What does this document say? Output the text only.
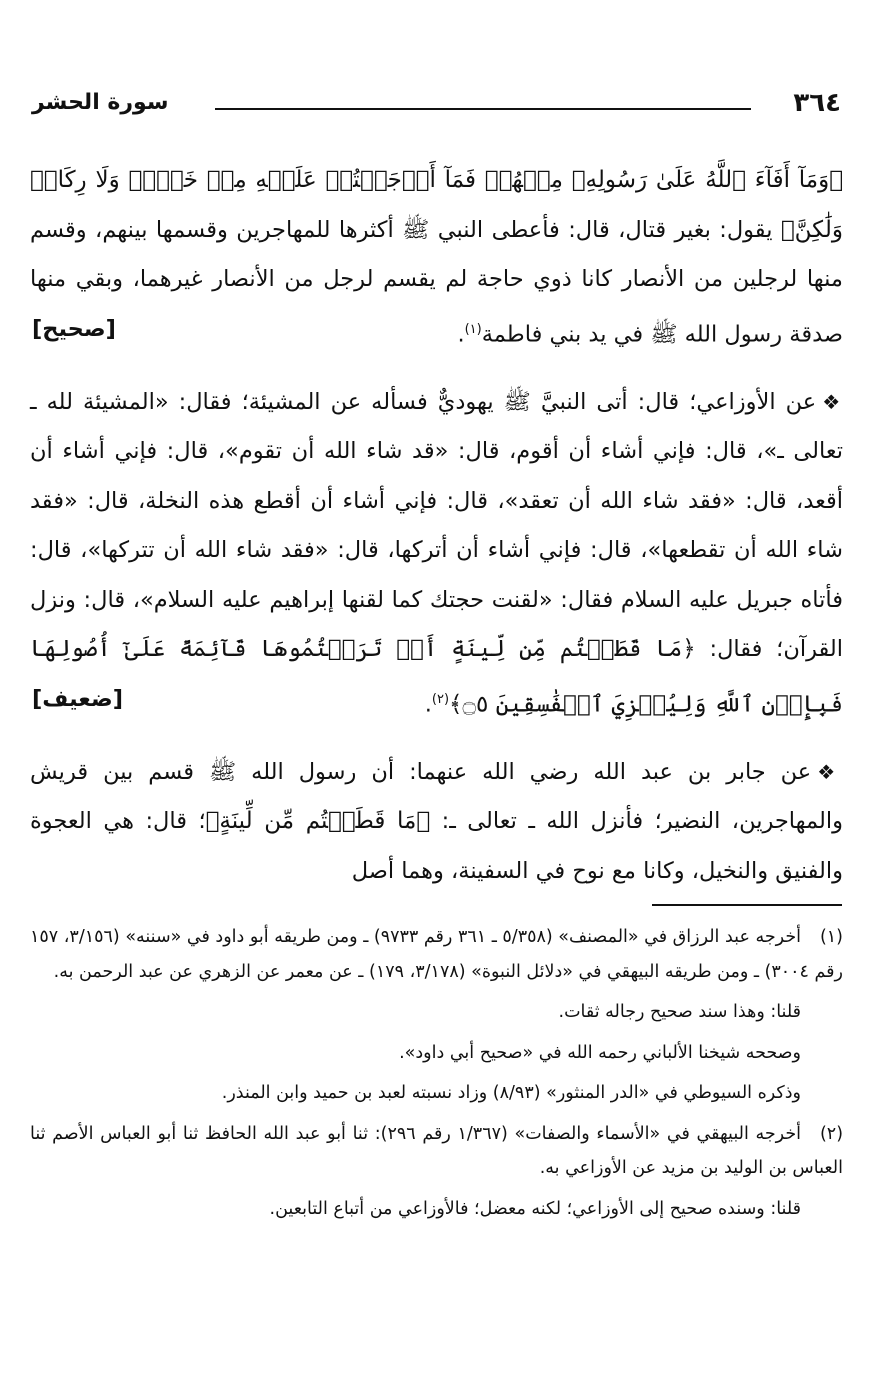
٣٦٤
سورة الحشر

﴿وَمَآ أَفَآءَ ٱللَّهُ عَلَىٰ رَسُولِهِۦ مِنۡهُمۡ فَمَآ أَوۡجَفۡتُمۡ عَلَيۡهِ مِنۡ خَيۡلٖ وَلَا رِكَابٖ وَلَٰكِنَّ﴾ يقول: بغير قتال، قال: فأعطى النبي ﷺ أكثرها للمهاجرين وقسمها بينهم، وقسم منها لرجلين من الأنصار كانا ذوي حاجة لم يقسم لرجل من الأنصار غيرهما، وبقي منها صدقة رسول الله ﷺ في يد بني فاطمة$^{(١)}$.
[صحيح]

❖عن الأوزاعي؛ قال: أتى النبيَّ ﷺ يهوديٌّ فسأله عن المشيئة؛ فقال: «المشيئة لله ـ تعالى ـ»، قال: فإني أشاء أن أقوم، قال: «قد شاء الله أن تقوم»، قال: فإني أشاء أن أقعد، قال: «فقد شاء الله أن تعقد»، قال: فإني أشاء أن أقطع هذه النخلة، قال: «فقد شاء الله أن تقطعها»، قال: فإني أشاء أن أتركها، قال: «فقد شاء الله أن تتركها»، قال: فأتاه جبريل عليه السلام فقال: «لقنت حجتك كما لقنها إبراهيم عليه السلام»، قال: ونزل القرآن؛ فقال: ﴿مَا قَطَعۡتُم مِّن لِّينَةٍ أَوۡ تَرَكۡتُمُوهَا قَآئِمَةً عَلَىٰٓ أُصُولِهَا فَبِإِذۡنِ ٱللَّهِ وَلِيُخۡزِيَ ٱلۡفَٰسِقِينَ ۝٥﴾$^{(٢)}$.
[ضعيف]

❖عن جابر بن عبد الله رضي الله عنهما: أن رسول الله ﷺ قسم بين قريش والمهاجرين، النضير؛ فأنزل الله ـ تعالى ـ: ﴿مَا قَطَعۡتُم مِّن لِّينَةٍ﴾؛ قال: هي العجوة والفنيق والنخيل، وكانا مع نوح في السفينة، وهما أصل

(١)أخرجه عبد الرزاق في «المصنف» (٥/٣٥٨ ـ ٣٦١ رقم ٩٧٣٣) ـ ومن طريقه أبو داود في «سننه» (٣/١٥٦، ١٥٧ رقم ٣٠٠٤) ـ ومن طريقه البيهقي في «دلائل النبوة» (٣/١٧٨، ١٧٩) ـ عن معمر عن الزهري عن عبد الرحمن به.

قلنا: وهذا سند صحيح رجاله ثقات.

وصححه شيخنا الألباني رحمه الله في «صحيح أبي داود».

وذكره السيوطي في «الدر المنثور» (٨/٩٣) وزاد نسبته لعبد بن حميد وابن المنذر.

(٢)أخرجه البيهقي في «الأسماء والصفات» (١/٣٦٧ رقم ٢٩٦): ثنا أبو عبد الله الحافظ ثنا أبو العباس الأصم ثنا العباس بن الوليد بن مزيد عن الأوزاعي به.

قلنا: وسنده صحيح إلى الأوزاعي؛ لكنه معضل؛ فالأوزاعي من أتباع التابعين.
